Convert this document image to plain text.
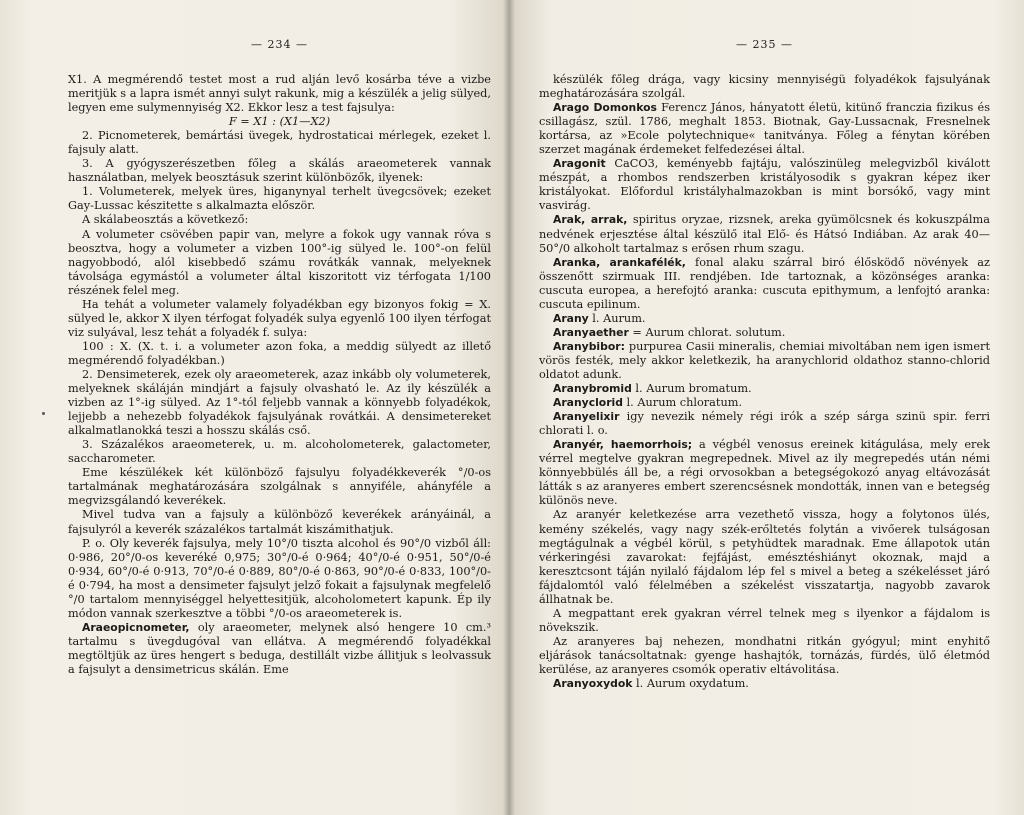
— 234 —

X1. A megmérendő testet most a rud alján levő kosárba téve a vizbe meritjük s a lapra ismét annyi sulyt rakunk, mig a készülék a jelig sülyed, legyen eme sulymennyiség X2. Ekkor lesz a test fajsulya:

F = X1 : (X1—X2)

2. Picnometerek, bemártási üvegek, hydrostaticai mérlegek, ezeket l. fajsuly alatt.

3. A gyógyszerészetben főleg a skálás araeometerek vannak használatban, melyek beosztásuk szerint különbözők, ilyenek:

1. Volumeterek, melyek üres, higanynyal terhelt üvegcsövek; ezeket Gay-Lussac készitette s alkalmazta először.

A skálabeosztás a következő:

A volumeter csövében papir van, melyre a fokok ugy vannak róva s beosztva, hogy a volumeter a vizben 100°-ig sülyed le. 100°-on felül nagyobbodó, alól kisebbedő számu rovátkák vannak, melyeknek távolsága egymástól a volumeter által kiszoritott viz térfogata 1/100 részének felel meg.

Ha tehát a volumeter valamely folyadékban egy bizonyos fokig = X. sülyed le, akkor X ilyen térfogat folyadék sulya egyenlő 100 ilyen térfogat viz sulyával, lesz tehát a folyadék f. sulya:

100 : X. (X. t. i. a volumeter azon foka, a meddig sülyedt az illető megmérendő folyadékban.)

2. Densimeterek, ezek oly araeometerek, azaz inkább oly volumeterek, melyeknek skáláján mindjárt a fajsuly olvasható le. Az ily készülék a vizben az 1°-ig sülyed. Az 1°-tól feljebb vannak a könnyebb folyadékok, lejjebb a nehezebb folyadékok fajsulyának rovátkái. A densimetereket alkalmatlanokká teszi a hosszu skálás cső.

3. Százalékos araeometerek, u. m. alcoholometerek, galactometer, saccharometer.

Eme készülékek két különböző fajsulyu folyadékkeverék °/0-os tartalmának meghatározására szolgálnak s annyiféle, ahányféle a megvizsgálandó keverékek.

Mivel tudva van a fajsuly a különböző keverékek arányáinál, a fajsulyról a keverék százalékos tartalmát kiszámithatjuk.

P. o. Oly keverék fajsulya, mely 10°/0 tiszta alcohol és 90°/0 vizből áll: 0·986, 20°/0-os keveréké 0,975; 30°/0-é 0·964; 40°/0-é 0·951, 50°/0-é 0·934, 60°/0-é 0·913, 70°/0-é 0·889, 80°/0-é 0·863, 90°/0-é 0·833, 100°/0-é 0·794, ha most a densimeter fajsulyt jelző fokait a fajsulynak megfelelő °/0 tartalom mennyiséggel helyettesitjük, alcoholometert kapunk. Ép ily módon vannak szerkesztve a többi °/0-os araeometerek is.

Araeopicnometer, oly araeometer, melynek alsó hengere 10 cm.³ tartalmu s üvegdugóval van ellátva. A megmérendő folyadékkal megtöltjük az üres hengert s beduga, destillált vizbe állitjuk s leolvassuk a fajsulyt a densimetricus skálán. Eme

— 235 —

készülék főleg drága, vagy kicsiny mennyiségü folyadékok fajsulyának meghatározására szolgál.

Arago Domonkos Ferencz János, hányatott életü, kitünő franczia fizikus és csillagász, szül. 1786, meghalt 1853. Biotnak, Gay-Lussacnak, Fresnelnek kortársa, az »Ecole polytechnique« tanitványa. Főleg a fénytan körében szerzet magának érdemeket felfedezései által.

Aragonit CaCO3, keményebb fajtáju, valószinüleg melegvizből kiválott mészpát, a rhombos rendszerben kristályosodik s gyakran képez iker kristályokat. Előfordul kristályhalmazokban is mint borsókő, vagy mint vasvirág.

Arak, arrak, spiritus oryzae, rizsnek, areka gyümölcsnek és kokuszpálma nedvének erjesztése által készülő ital Elő- és Hátsó Indiában. Az arak 40—50°/0 alkoholt tartalmaz s erősen rhum szagu.

Aranka, arankafélék, fonal alaku szárral biró élősködő növények az összenőtt szirmuak III. rendjében. Ide tartoznak, a közönséges aranka: cuscuta europea, a herefojtó aranka: cuscuta epithymum, a lenfojtó aranka: cuscuta epilinum.

Arany l. Aurum.

Aranyaether = Aurum chlorat. solutum.

Aranybibor: purpurea Casii mineralis, chemiai mivoltában nem igen ismert vörös festék, mely akkor keletkezik, ha aranychlorid oldathoz stanno-chlorid oldatot adunk.

Aranybromid l. Aurum bromatum.

Aranyclorid l. Aurum chloratum.

Aranyelixir igy nevezik némely régi irók a szép sárga szinü spir. ferri chlorati l. o.

Aranyér, haemorrhois; a végbél venosus ereinek kitágulása, mely erek vérrel megtelve gyakran megrepednek. Mivel az ily megrepedés után némi könnyebbülés áll be, a régi orvosokban a betegségokozó anyag eltávozását látták s az aranyeres embert szerencsésnek mondották, innen van e betegség különös neve.

Az aranyér keletkezése arra vezethető vissza, hogy a folytonos ülés, kemény székelés, vagy nagy szék-erőltetés folytán a vivőerek tulságosan megtágulnak a végbél körül, s petyhüdtek maradnak. Eme állapotok után vérkeringési zavarokat: fejfájást, emésztéshiányt okoznak, majd a keresztcsont táján nyilaló fájdalom lép fel s mivel a beteg a székelésset járó fájdalomtól való félelmében a székelést visszatartja, nagyobb zavarok állhatnak be.

A megpattant erek gyakran vérrel telnek meg s ilyenkor a fájdalom is növekszik.

Az aranyeres baj nehezen, mondhatni ritkán gyógyul; mint enyhitő eljárások tanácsoltatnak: gyenge hashajtók, tornázás, fürdés, ülő életmód kerülése, az aranyeres csomók operativ eltávolitása.

Aranyoxydok l. Aurum oxydatum.
